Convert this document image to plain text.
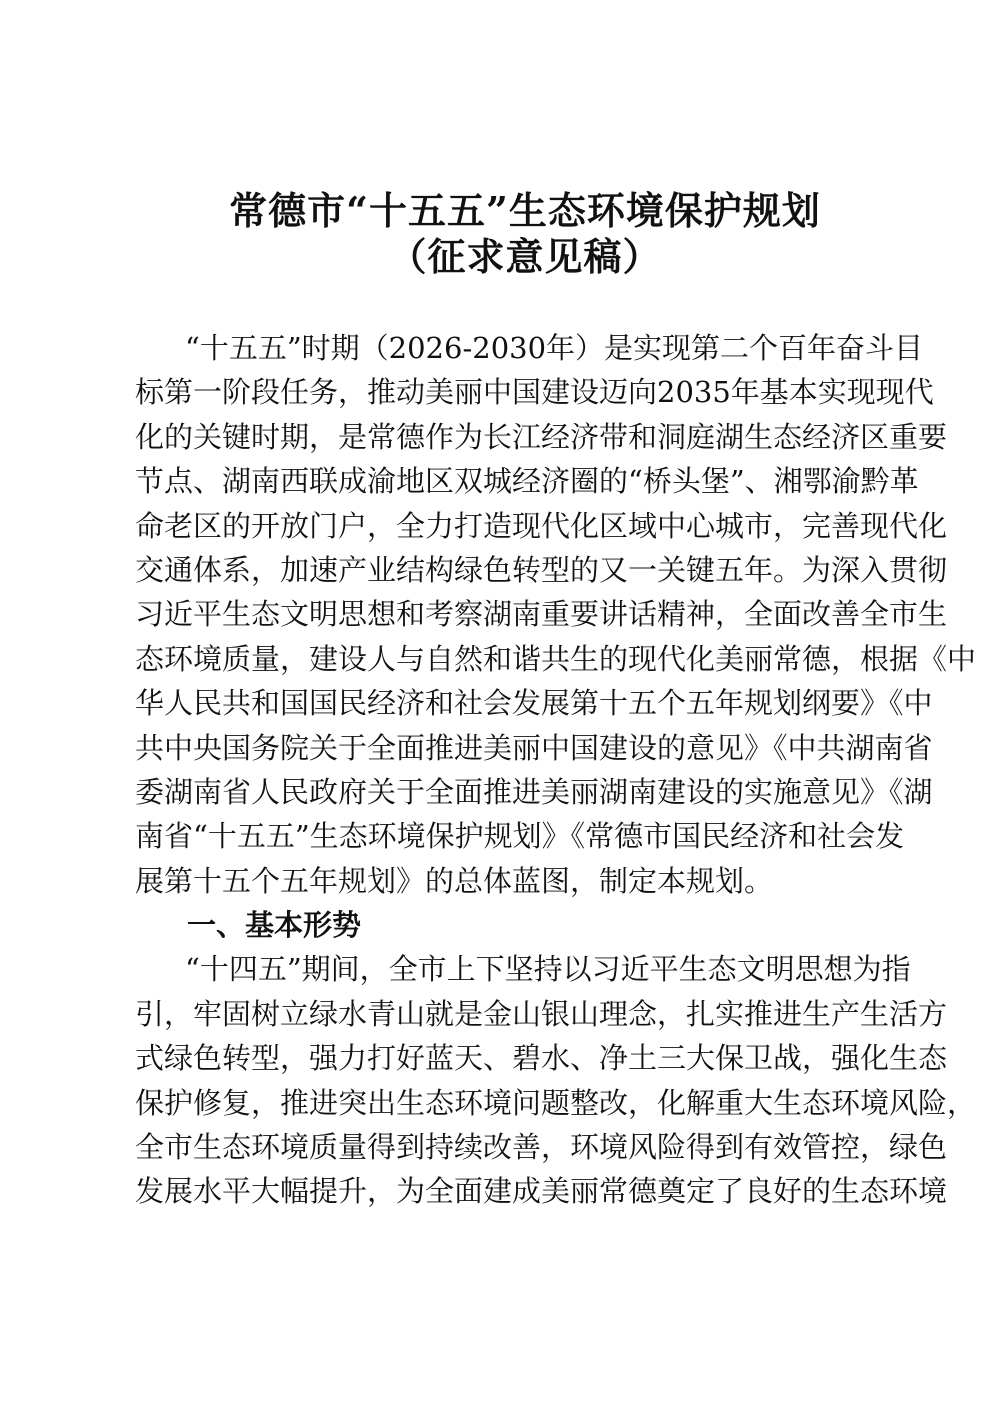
常德市“十五五”生态环境保护规划
（征求意见稿）
“十五五”时期（2026-2030年）是实现第二个百年奋斗目
标第一阶段任务，推动美丽中国建设迈向2035年基本实现现代
化的关键时期，是常德作为长江经济带和洞庭湖生态经济区重要
节点、湖南西联成渝地区双城经济圈的“桥头堡”、湘鄂渝黔革
命老区的开放门户，全力打造现代化区域中心城市，完善现代化
交通体系，加速产业结构绿色转型的又一关键五年。为深入贯彻
习近平生态文明思想和考察湖南重要讲话精神，全面改善全市生
态环境质量，建设人与自然和谐共生的现代化美丽常德，根据《中
华人民共和国国民经济和社会发展第十五个五年规划纲要》《中
共中央国务院关于全面推进美丽中国建设的意见》《中共湖南省
委湖南省人民政府关于全面推进美丽湖南建设的实施意见》《湖
南省“十五五”生态环境保护规划》《常德市国民经济和社会发
展第十五个五年规划》的总体蓝图，制定本规划。
一、基本形势
“十四五”期间，全市上下坚持以习近平生态文明思想为指
引，牢固树立绿水青山就是金山银山理念，扎实推进生产生活方
式绿色转型，强力打好蓝天、碧水、净土三大保卫战，强化生态
保护修复，推进突出生态环境问题整改，化解重大生态环境风险，
全市生态环境质量得到持续改善，环境风险得到有效管控，绿色
发展水平大幅提升，为全面建成美丽常德奠定了良好的生态环境
